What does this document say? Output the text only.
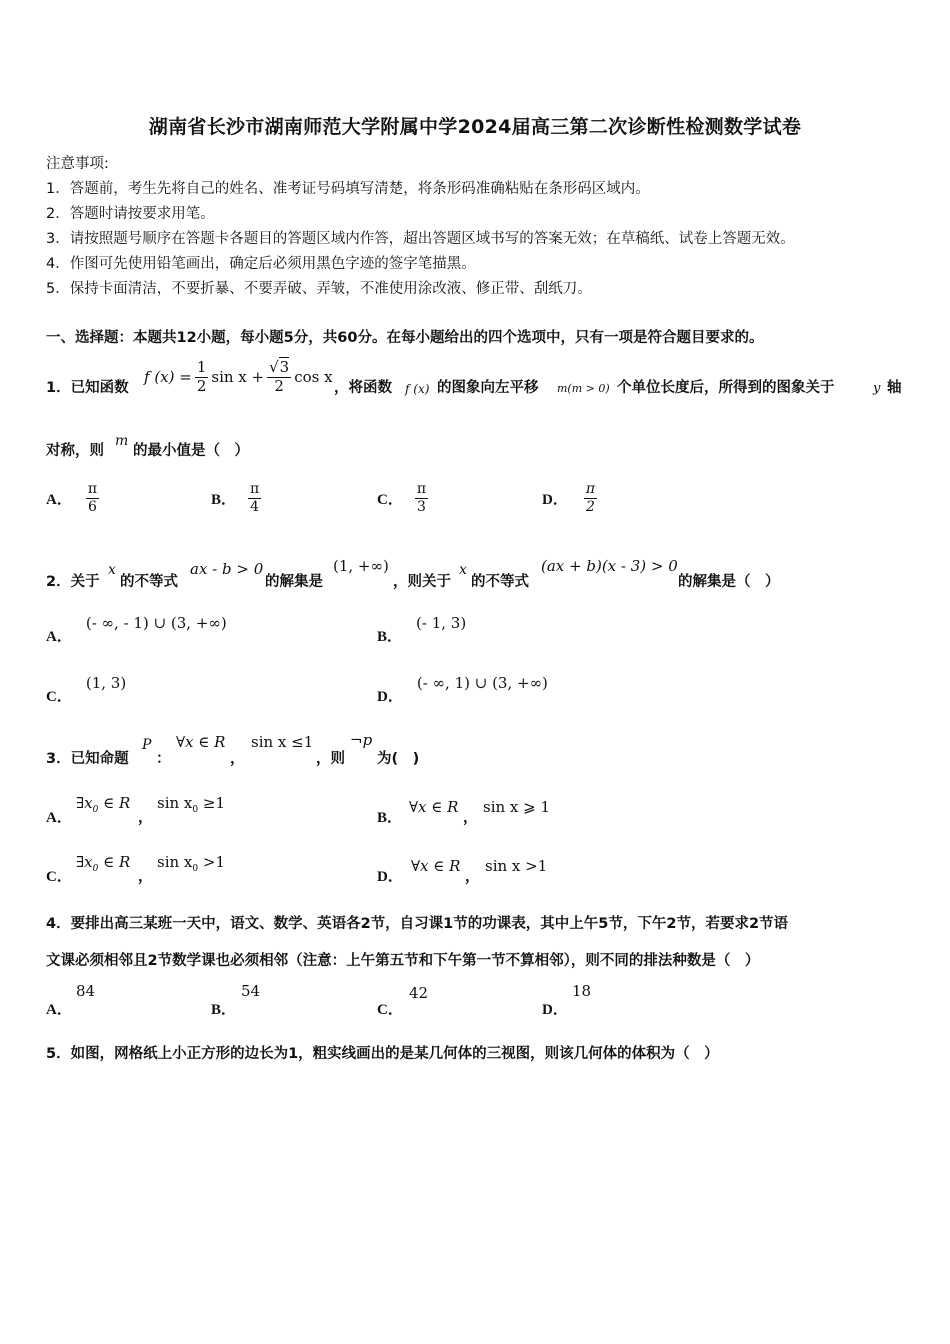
湖南省长沙市湖南师范大学附属中学2024届高三第二次诊断性检测数学试卷
注意事项:
1．答题前，考生先将自己的姓名、准考证号码填写清楚，将条形码准确粘贴在条形码区域内。
2．答题时请按要求用笔。
3．请按照题号顺序在答题卡各题目的答题区域内作答，超出答题区域书写的答案无效；在草稿纸、试卷上答题无效。
4．作图可先使用铅笔画出，确定后必须用黑色字迹的签字笔描黑。
5．保持卡面清洁，不要折暴、不要弄破、弄皱，不准使用涂改液、修正带、刮纸刀。
一、选择题：本题共12小题，每小题5分，共60分。在每小题给出的四个选项中，只有一项是符合题目要求的。
1．已知函数
f $(x) = \frac{1}{2}$ $\sin x + \frac{√3}{2}$ cos x
，将函数 f (x) 的图象向左平移 m(m > 0) 个单位长度后，所得到的图象关于	y 轴
对称，则
m
的最小值是（　）
A． $\frac{\pi}{6}$	B． $\frac{\pi}{4}$	C． $\frac{\pi}{3}$	D． $\frac{\pi}{2}$
2．关于
x
的不等式
ax - b > 0
的解集是
(1, +∞)
，则关于
x
的不等式
(ax + b)(x - 3) > 0
的解集是（　）
A．
(- ∞, - 1) ∪ (3, +∞)
B．
(- 1, 3)
C．
(1, 3)
D．
(- ∞, 1) ∪ (3, +∞)
3．已知命题
P
：
∀x ∈ R
，
sin x ≤1
，则
¬p
为(　)
A．
$\exists x_0$ ∈ R
，
$\sin x_0 \ge 1$
B．
∀x ∈ R
，
sin x ⩾ 1
C．
$\exists x_0$ ∈ R
，
$\sin x_0 >1$
D．
∀x ∈ R
，
sin x >1
4．要排出高三某班一天中，语文、数学、英语各2节，自习课1节的功课表，其中上午5节，下午2节，若要求2节语
文课必须相邻且2节数学课也必须相邻（注意：上午第五节和下午第一节不算相邻），则不同的排法种数是（　）
A．
84
B．
54
C．
42
D．
18
5．如图，网格纸上小正方形的边长为1，粗实线画出的是某几何体的三视图，则该几何体的体积为（　）
